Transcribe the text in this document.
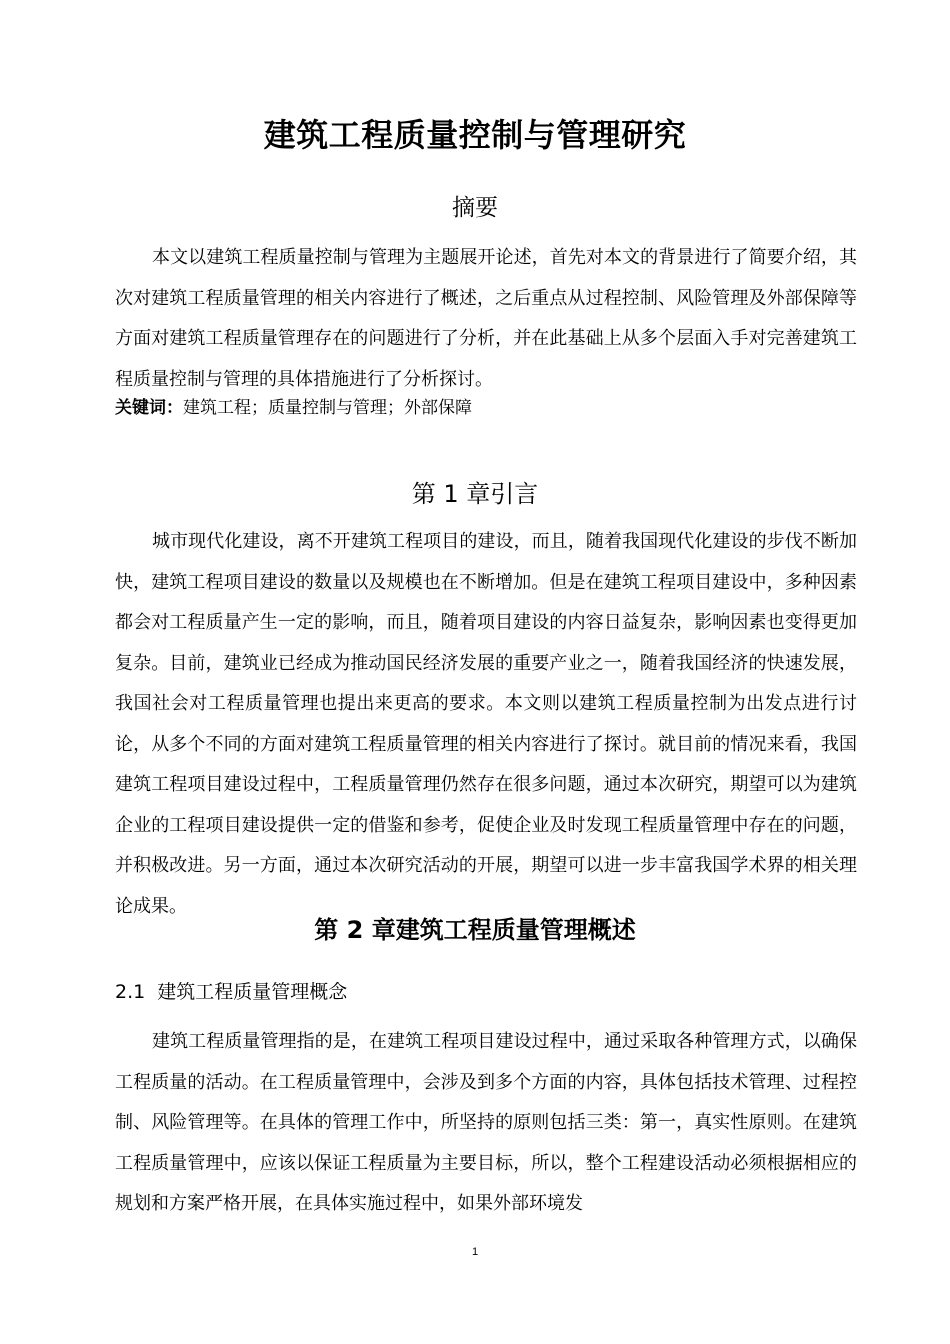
建筑工程质量控制与管理研究
摘要

本文以建筑工程质量控制与管理为主题展开论述，首先对本文的背景进行了简要介绍，其次对建筑工程质量管理的相关内容进行了概述，之后重点从过程控制、风险管理及外部保障等方面对建筑工程质量管理存在的问题进行了分析，并在此基础上从多个层面入手对完善建筑工程质量控制与管理的具体措施进行了分析探讨。

关键词：建筑工程；质量控制与管理；外部保障
第 1 章引言

城市现代化建设，离不开建筑工程项目的建设，而且，随着我国现代化建设的步伐不断加快，建筑工程项目建设的数量以及规模也在不断增加。但是在建筑工程项目建设中，多种因素都会对工程质量产生一定的影响，而且，随着项目建设的内容日益复杂，影响因素也变得更加复杂。目前，建筑业已经成为推动国民经济发展的重要产业之一，随着我国经济的快速发展，我国社会对工程质量管理也提出来更高的要求。本文则以建筑工程质量控制为出发点进行讨论，从多个不同的方面对建筑工程质量管理的相关内容进行了探讨。就目前的情况来看，我国建筑工程项目建设过程中，工程质量管理仍然存在很多问题，通过本次研究，期望可以为建筑企业的工程项目建设提供一定的借鉴和参考，促使企业及时发现工程质量管理中存在的问题，并积极改进。另一方面，通过本次研究活动的开展，期望可以进一步丰富我国学术界的相关理论成果。

第 2 章建筑工程质量管理概述
2.1 建筑工程质量管理概念

建筑工程质量管理指的是，在建筑工程项目建设过程中，通过采取各种管理方式，以确保工程质量的活动。在工程质量管理中，会涉及到多个方面的内容，具体包括技术管理、过程控制、风险管理等。在具体的管理工作中，所坚持的原则包括三类：第一，真实性原则。在建筑工程质量管理中，应该以保证工程质量为主要目标，所以，整个工程建设活动必须根据相应的规划和方案严格开展，在具体实施过程中，如果外部环境发

1
